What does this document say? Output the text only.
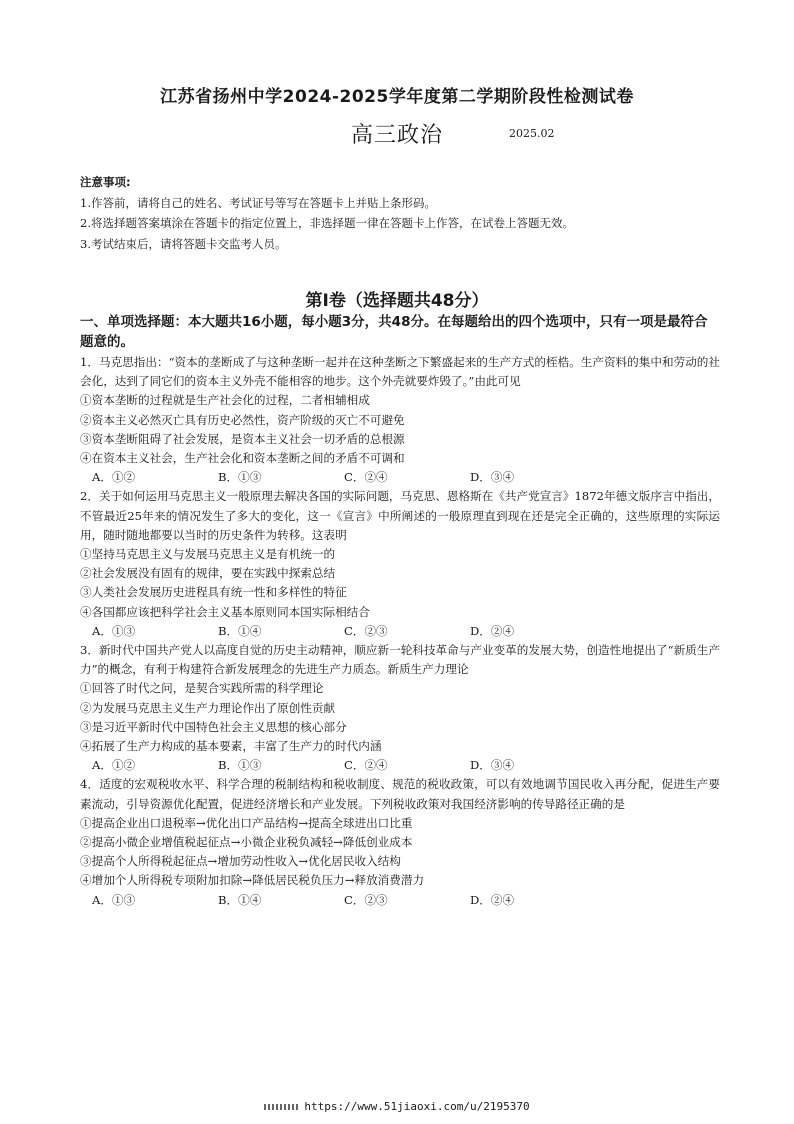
江苏省扬州中学2024-2025学年度第二学期阶段性检测试卷
高三政治	2025.02
注意事项:
1.作答前，请将自己的姓名、考试证号等写在答题卡上并贴上条形码。
2.将选择题答案填涂在答题卡的指定位置上，非选择题一律在答题卡上作答，在试卷上答题无效。
3.考试结束后，请将答题卡交监考人员。
第Ⅰ卷（选择题共48分）
一、单项选择题：本大题共16小题，每小题3分，共48分。在每题给出的四个选项中，只有一项是最符合题意的。

1．马克思指出：“资本的垄断成了与这种垄断一起并在这种垄断之下繁盛起来的生产方式的桎梏。生产资料的集中和劳动的社会化，达到了同它们的资本主义外壳不能相容的地步。这个外壳就要炸毁了。”由此可见

①资本垄断的过程就是生产社会化的过程，二者相辅相成

②资本主义必然灭亡具有历史必然性，资产阶级的灭亡不可避免

③资本垄断阻碍了社会发展，是资本主义社会一切矛盾的总根源

④在资本主义社会，生产社会化和资本垄断之间的矛盾不可调和

A．①②	B．①③	C．②④	D．③④

2．关于如何运用马克思主义一般原理去解决各国的实际问题，马克思、恩格斯在《共产党宣言》1872年德文版序言中指出，不管最近25年来的情况发生了多大的变化，这一《宣言》中所阐述的一般原理直到现在还是完全正确的，这些原理的实际运用，随时随地都要以当时的历史条件为转移。这表明

①坚持马克思主义与发展马克思主义是有机统一的

②社会发展没有固有的规律，要在实践中探索总结

③人类社会发展历史进程具有统一性和多样性的特征

④各国都应该把科学社会主义基本原则同本国实际相结合

A．①③	B．①④	C．②③	D．②④

3．新时代中国共产党人以高度自觉的历史主动精神，顺应新一轮科技革命与产业变革的发展大势，创造性地提出了“新质生产力”的概念，有利于构建符合新发展理念的先进生产力质态。新质生产力理论

①回答了时代之问，是契合实践所需的科学理论

②为发展马克思主义生产力理论作出了原创性贡献

③是习近平新时代中国特色社会主义思想的核心部分

④拓展了生产力构成的基本要素，丰富了生产力的时代内涵

A．①②	B．①③	C．②④	D．③④

4．适度的宏观税收水平、科学合理的税制结构和税收制度、规范的税收政策，可以有效地调节国民收入再分配，促进生产要素流动，引导资源优化配置，促进经济增长和产业发展。下列税收政策对我国经济影响的传导路径正确的是

①提高企业出口退税率→优化出口产品结构→提高全球进出口比重

②提高小微企业增值税起征点→小微企业税负减轻→降低创业成本

③提高个人所得税起征点→增加劳动性收入→优化居民收入结构

④增加个人所得税专项附加扣除→降低居民税负压力→释放消费潜力

A．①③	B．①④	C．②③	D．②④
https://www.51jiaoxi.com/u/2195370
